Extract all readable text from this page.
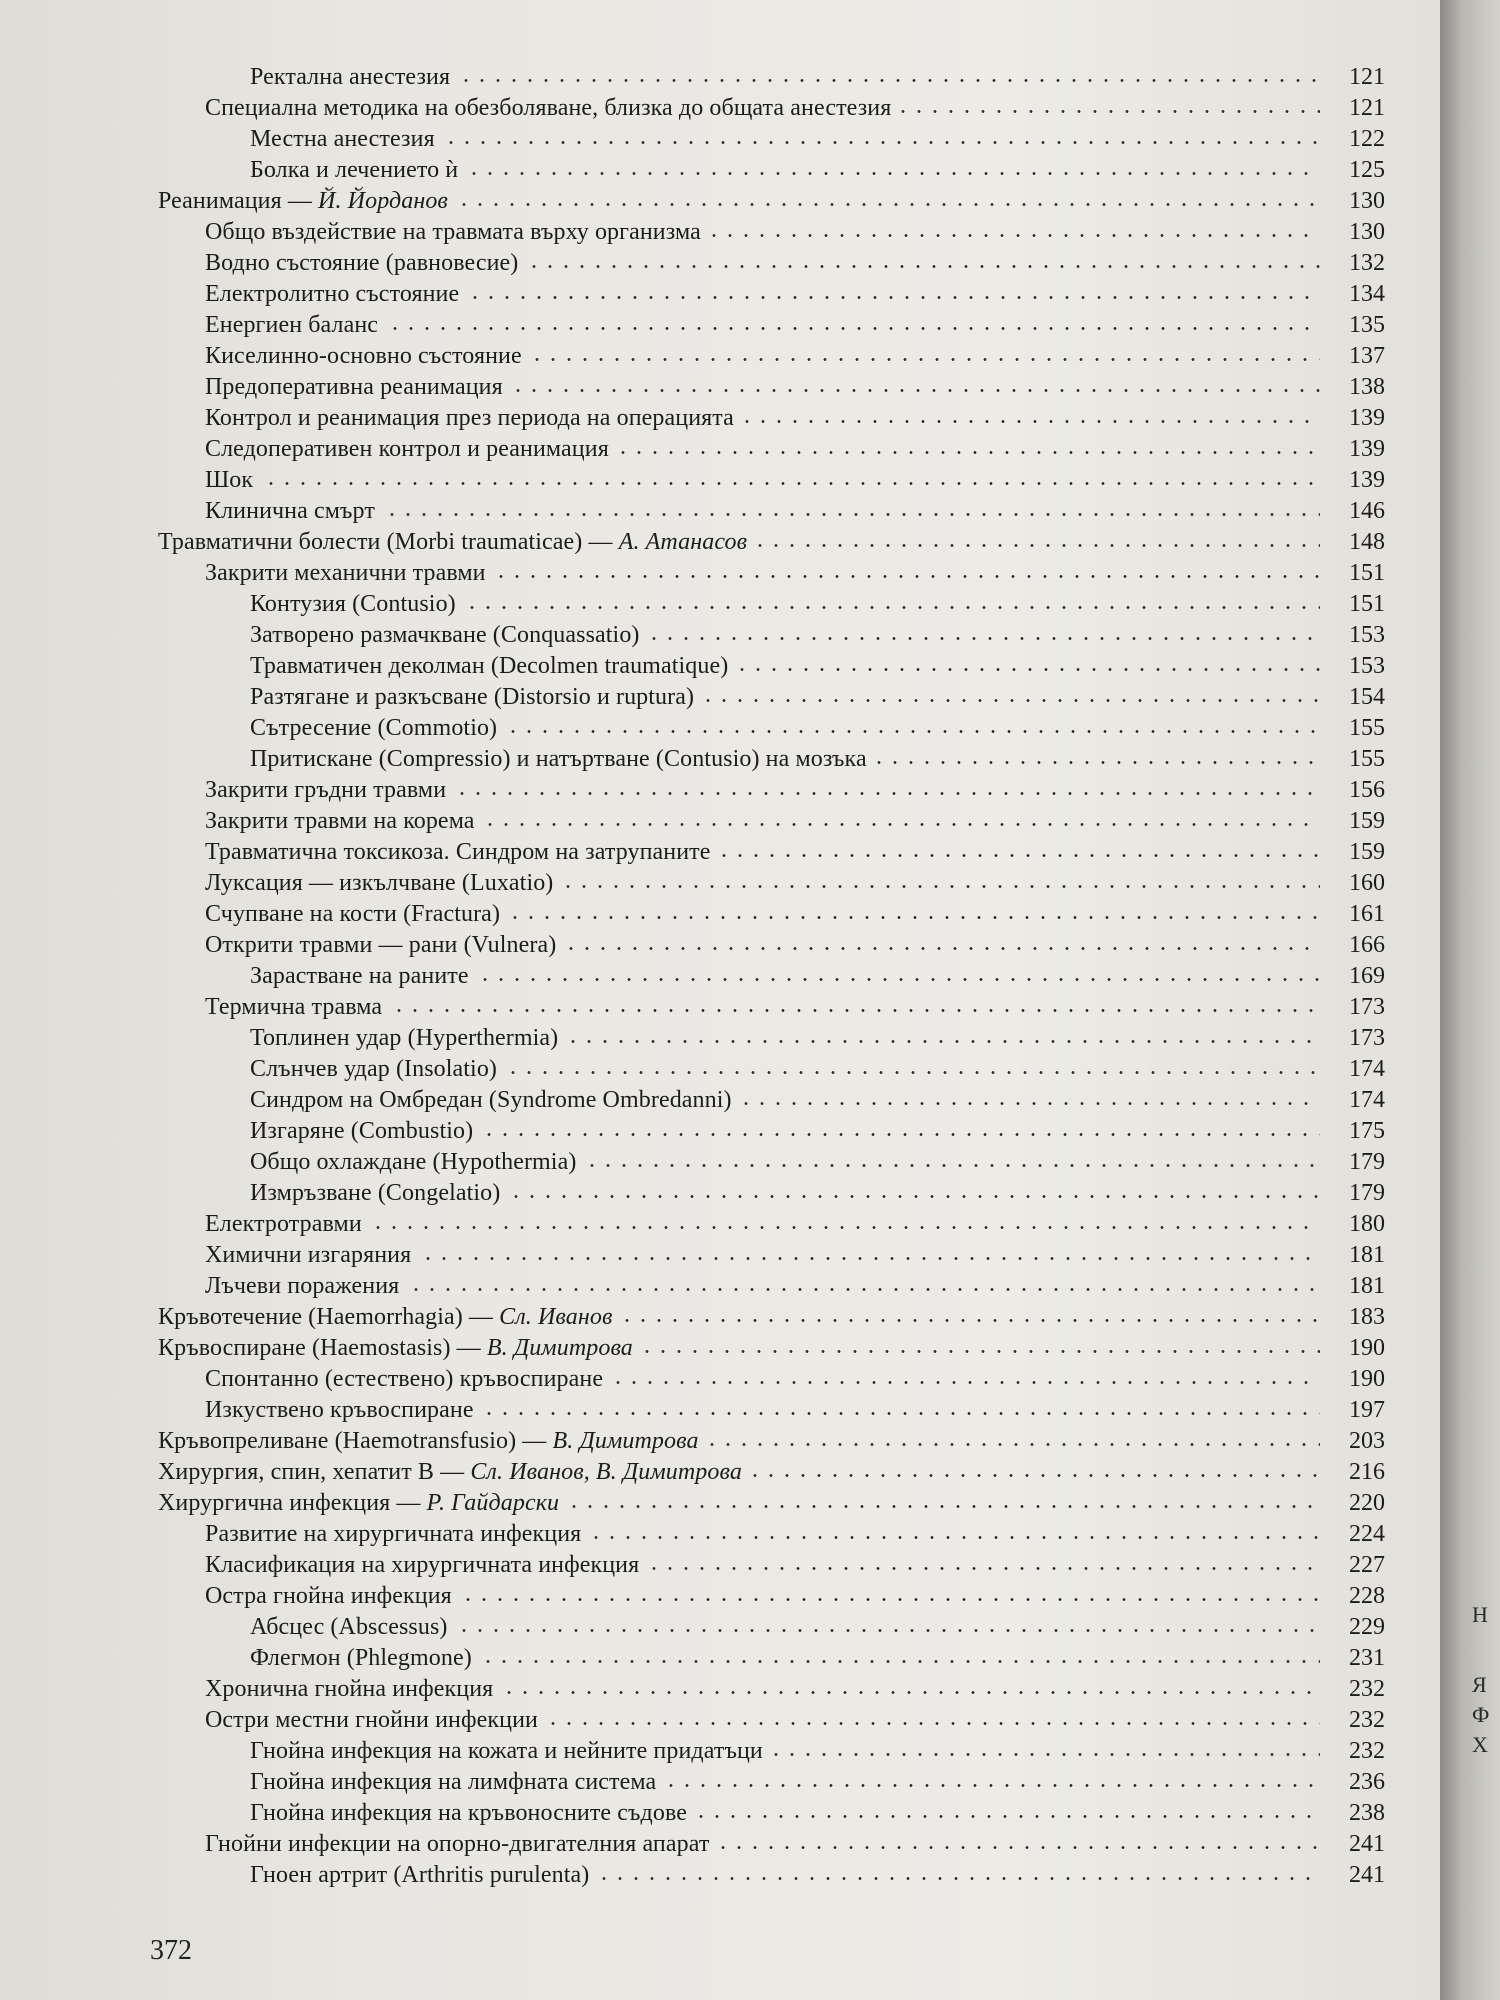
Ректална анестезия	121
Специална методика на обезболяване, близка до общата анестезия	121
Местна анестезия	122
Болка и лечението ѝ	125
Реанимация — Й. Йорданов	130
Общо въздействие на травмата върху организма	130
Водно състояние (равновесие)	132
Електролитно състояние	134
Енергиен баланс	135
Киселинно-основно състояние	137
Предоперативна реанимация	138
Контрол и реанимация през периода на операцията	139
Следоперативен контрол и реанимация	139
Шок	139
Клинична смърт	146
Травматични болести (Morbi traumaticae) — А. Атанасов	148
Закрити механични травми	151
Контузия (Contusio)	151
Затворено размачкване (Conquassatio)	153
Травматичен деколман (Decolmen traumatique)	153
Разтягане и разкъсване (Distorsio и ruptura)	154
Сътресение (Commotio)	155
Притискане (Compressio) и натъртване (Contusio) на мозъка	155
Закрити гръдни травми	156
Закрити травми на корема	159
Травматична токсикоза. Синдром на затрупаните	159
Луксация — изкълчване (Luxatio)	160
Счупване на кости (Fractura)	161
Открити травми — рани (Vulnera)	166
Зарастване на раните	169
Термична травма	173
Топлинен удар (Hyperthermia)	173
Слънчев удар (Insolatio)	174
Синдром на Омбредан (Syndrome Ombredanni)	174
Изгаряне (Combustio)	175
Общо охлаждане (Hypothermia)	179
Измръзване (Congelatio)	179
Електротравми	180
Химични изгаряния	181
Лъчеви поражения	181
Кръвотечение (Haemorrhagia) — Сл. Иванов	183
Кръвоспиране (Haemostasis) — В. Димитрова	190
Спонтанно (естествено) кръвоспиране	190
Изкуствено кръвоспиране	197
Кръвопреливане (Haemotransfusio) — В. Димитрова	203
Хирургия, спин, хепатит B — Сл. Иванов, В. Димитрова	216
Хирургична инфекция — Р. Гайдарски	220
Развитие на хирургичната инфекция	224
Класификация на хирургичната инфекция	227
Остра гнойна инфекция	228
Абсцес (Abscessus)	229
Флегмон (Phlegmone)	231
Хронична гнойна инфекция	232
Остри местни гнойни инфекции	232
Гнойна инфекция на кожата и нейните придатъци	232
Гнойна инфекция на лимфната система	236
Гнойна инфекция на кръвоносните съдове	238
Гнойни инфекции на опорно-двигателния апарат	241
Гноен артрит (Arthritis purulenta)	241
372
Н
Я
Ф
Х
